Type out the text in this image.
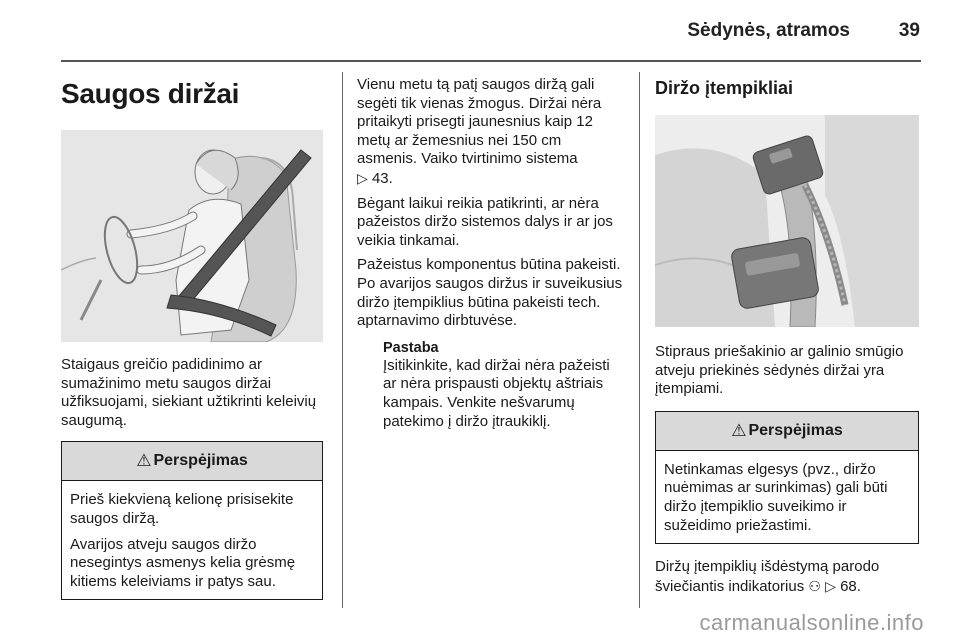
Sėdynės, atramos	39
Saugos diržai

Staigaus greičio padidinimo ar sumažinimo metu saugos diržai užfiksuojami, siekiant užtikrinti keleivių saugumą.

⚠ Perspėjimas

Prieš kiekvieną kelionę prisisekite saugos diržą.

Avarijos atveju saugos diržo nesegintys asmenys kelia grėsmę kitiems keleiviams ir patys sau.

Vienu metu tą patį saugos diržą gali segėti tik vienas žmogus. Diržai nėra pritaikyti prisegti jaunesnius kaip 12 metų ar žemesnius nei 150 cm asmenis. Vaiko tvirtinimo sistema
▷ 43.

Bėgant laikui reikia patikrinti, ar nėra pažeistos diržo sistemos dalys ir ar jos veikia tinkamai.

Pažeistus komponentus būtina pakeisti. Po avarijos saugos diržus ir suveikusius diržo įtempiklius būtina pakeisti tech. aptarnavimo dirbtuvėse.

Pastaba

Įsitikinkite, kad diržai nėra pažeisti ar nėra prispausti objektų aštriais kampais. Venkite nešvarumų patekimo į diržo įtraukiklį.

Diržo įtempikliai

Stipraus priešakinio ar galinio smūgio atveju priekinės sėdynės diržai yra įtempiami.

⚠ Perspėjimas

Netinkamas elgesys (pvz., diržo nuėmimas ar surinkimas) gali būti diržo įtempiklio suveikimo ir sužeidimo priežastimi.

Diržų įtempiklių išdėstymą parodo šviečiantis indikatorius ⚇ ▷ 68.

carmanualsonline.info
